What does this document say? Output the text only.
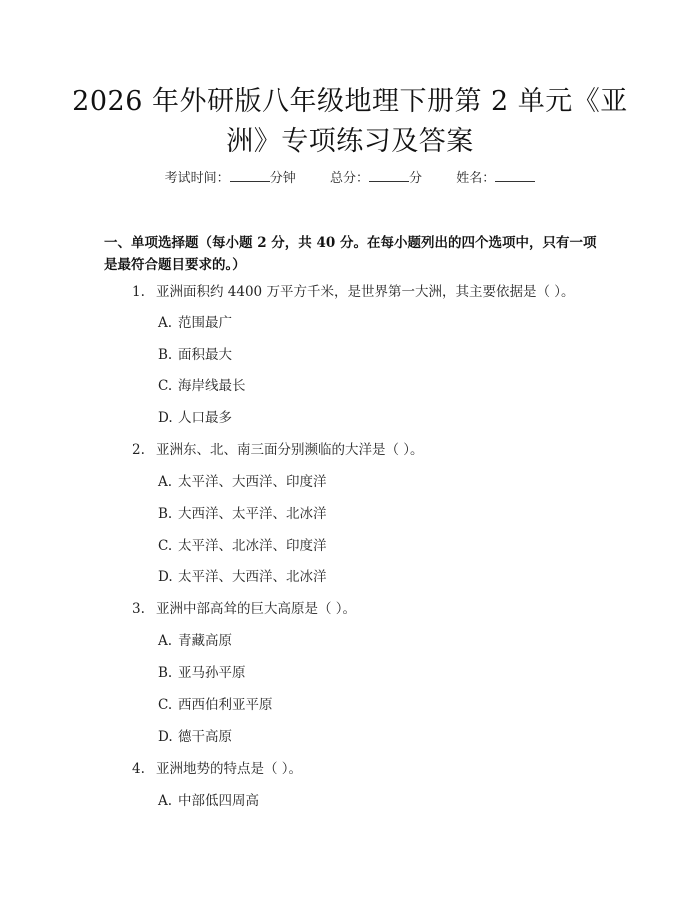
2026 年外研版八年级地理下册第 2 单元《亚
洲》专项练习及答案
考试时间：	分钟	总分：	分	姓名：
一、单项选择题（每小题 2 分，共 40 分。在每小题列出的四个选项中，只有一项是最符合题目要求的。）
1. 亚洲面积约 4400 万平方千米，是世界第一大洲，其主要依据是（ ）。
A. 范围最广
B. 面积最大
C. 海岸线最长
D. 人口最多
2. 亚洲东、北、南三面分别濒临的大洋是（ ）。
A. 太平洋、大西洋、印度洋
B. 大西洋、太平洋、北冰洋
C. 太平洋、北冰洋、印度洋
D. 太平洋、大西洋、北冰洋
3. 亚洲中部高耸的巨大高原是（ ）。
A. 青藏高原
B. 亚马孙平原
C. 西西伯利亚平原
D. 德干高原
4. 亚洲地势的特点是（ ）。
A. 中部低四周高
